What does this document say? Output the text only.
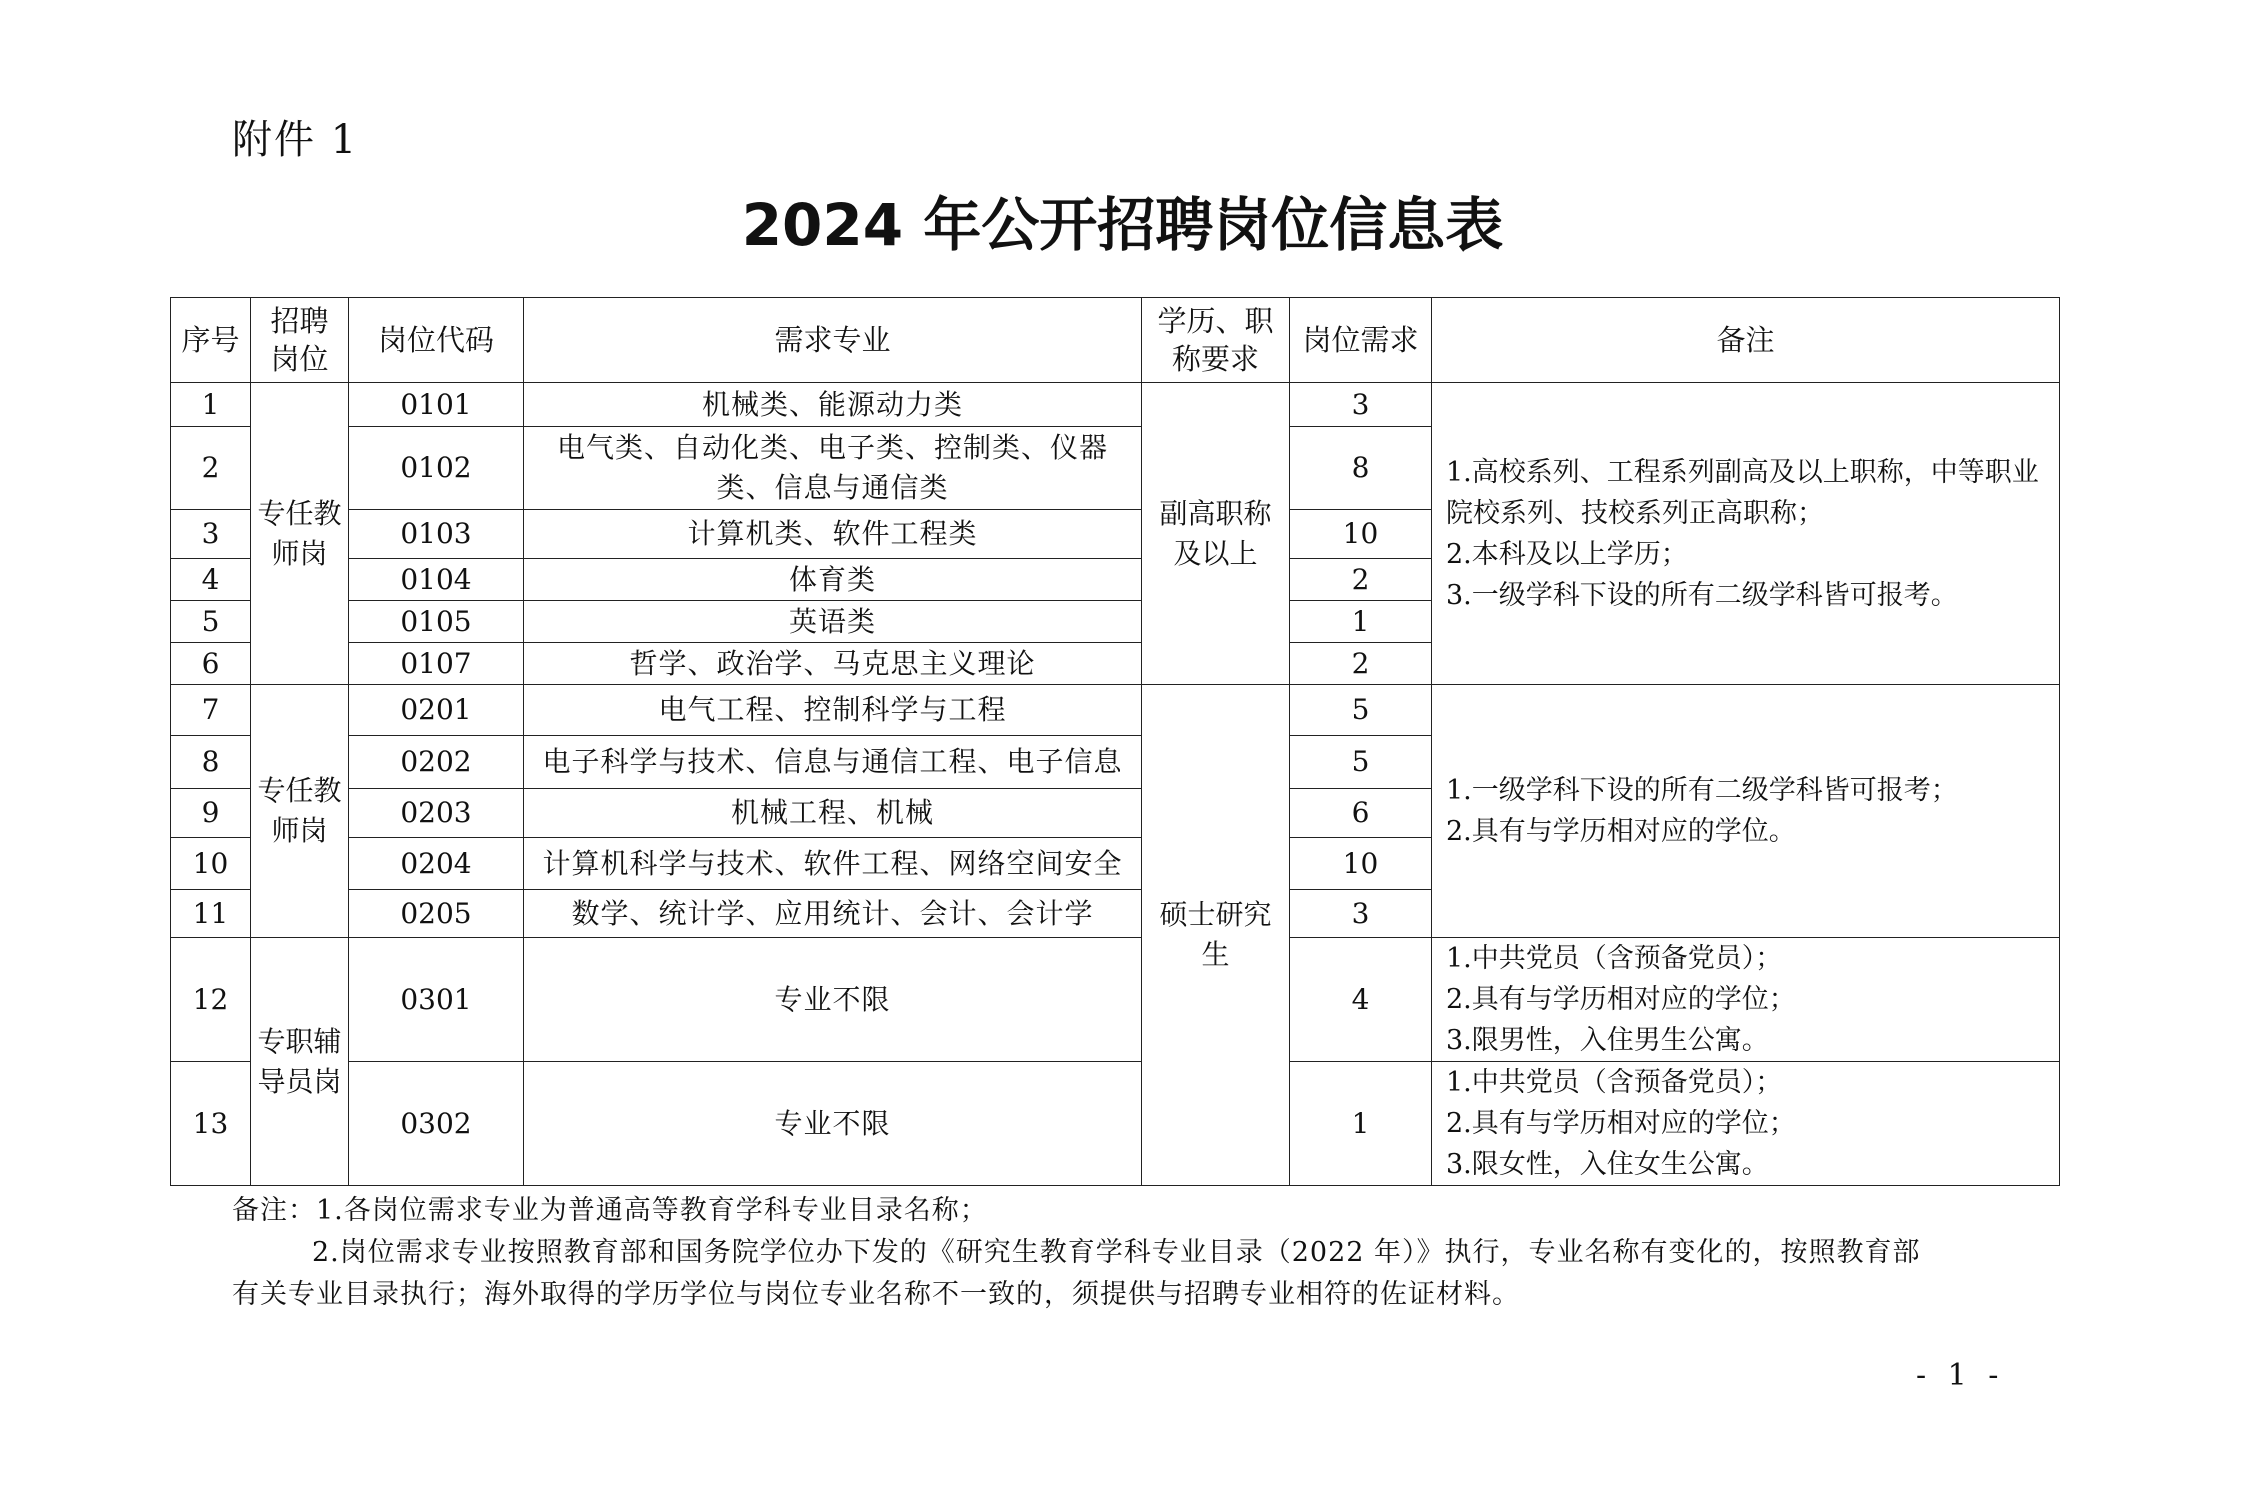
附件 1
2024 年公开招聘岗位信息表
序号	招聘岗位	岗位代码	需求专业	学历、职称要求	岗位需求	备注
1	专任教师岗	0101	机械类、能源动力类	副高职称及以上	3	1.高校系列、工程系列副高及以上职称，中等职业院校系列、技校系列正高职称；
2.本科及以上学历；
3.一级学科下设的所有二级学科皆可报考。

2		0102	电气类、自动化类、电子类、控制类、仪器类、信息与通信类		8	
3		0103	计算机类、软件工程类		10	
4		0104	体育类		2	
5		0105	英语类		1	
6		0107	哲学、政治学、马克思主义理论		2	
7	专任教师岗	0201	电气工程、控制科学与工程	硕士研究生	5	1.一级学科下设的所有二级学科皆可报考；
2.具有与学历相对应的学位。

8		0202	电子科学与技术、信息与通信工程、电子信息		5	
9		0203	机械工程、机械		6	
10		0204	计算机科学与技术、软件工程、网络空间安全		10	
11		0205	数学、统计学、应用统计、会计、会计学		3	
12	专职辅导员岗	0301	专业不限		4	1.中共党员（含预备党员）；
2.具有与学历相对应的学位；
3.限男性，入住男生公寓。

13		0302	专业不限		1	1.中共党员（含预备党员）；
2.具有与学历相对应的学位；
3.限女性，入住女生公寓。
备注：1.各岗位需求专业为普通高等教育学科专业目录名称；
2.岗位需求专业按照教育部和国务院学位办下发的《研究生教育学科专业目录（2022 年）》执行，专业名称有变化的，按照教育部
有关专业目录执行；海外取得的学历学位与岗位专业名称不一致的，须提供与招聘专业相符的佐证材料。
- 1 -
